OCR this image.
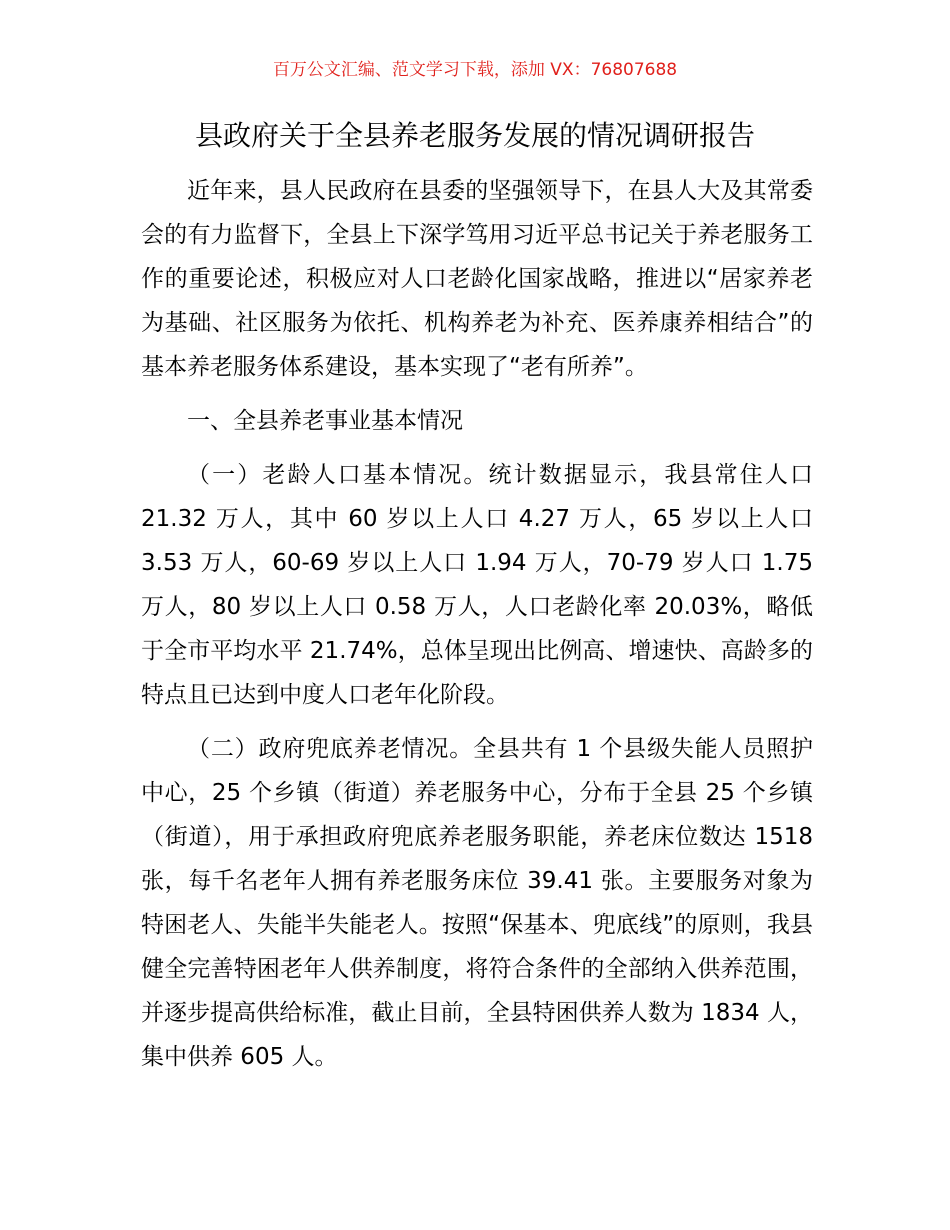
百万公文汇编、范文学习下载，添加 VX：76807688
县政府关于全县养老服务发展的情况调研报告

近年来，县人民政府在县委的坚强领导下，在县人大及其常委会的有力监督下，全县上下深学笃用习近平总书记关于养老服务工作的重要论述，积极应对人口老龄化国家战略，推进以“居家养老为基础、社区服务为依托、机构养老为补充、医养康养相结合”的基本养老服务体系建设，基本实现了“老有所养”。

一、全县养老事业基本情况

（一）老龄人口基本情况。统计数据显示，我县常住人口 21.32 万人，其中 60 岁以上人口 4.27 万人，65 岁以上人口 3.53 万人，60-69 岁以上人口 1.94 万人，70-79 岁人口 1.75 万人，80 岁以上人口 0.58 万人，人口老龄化率 20.03%，略低于全市平均水平 21.74%，总体呈现出比例高、增速快、高龄多的特点且已达到中度人口老年化阶段。

（二）政府兜底养老情况。全县共有 1 个县级失能人员照护中心，25 个乡镇（街道）养老服务中心，分布于全县 25 个乡镇（街道），用于承担政府兜底养老服务职能，养老床位数达 1518 张，每千名老年人拥有养老服务床位 39.41 张。主要服务对象为特困老人、失能半失能老人。按照“保基本、兜底线”的原则，我县健全完善特困老年人供养制度，将符合条件的全部纳入供养范围，并逐步提高供给标准，截止目前，全县特困供养人数为 1834 人，集中供养 605 人。
